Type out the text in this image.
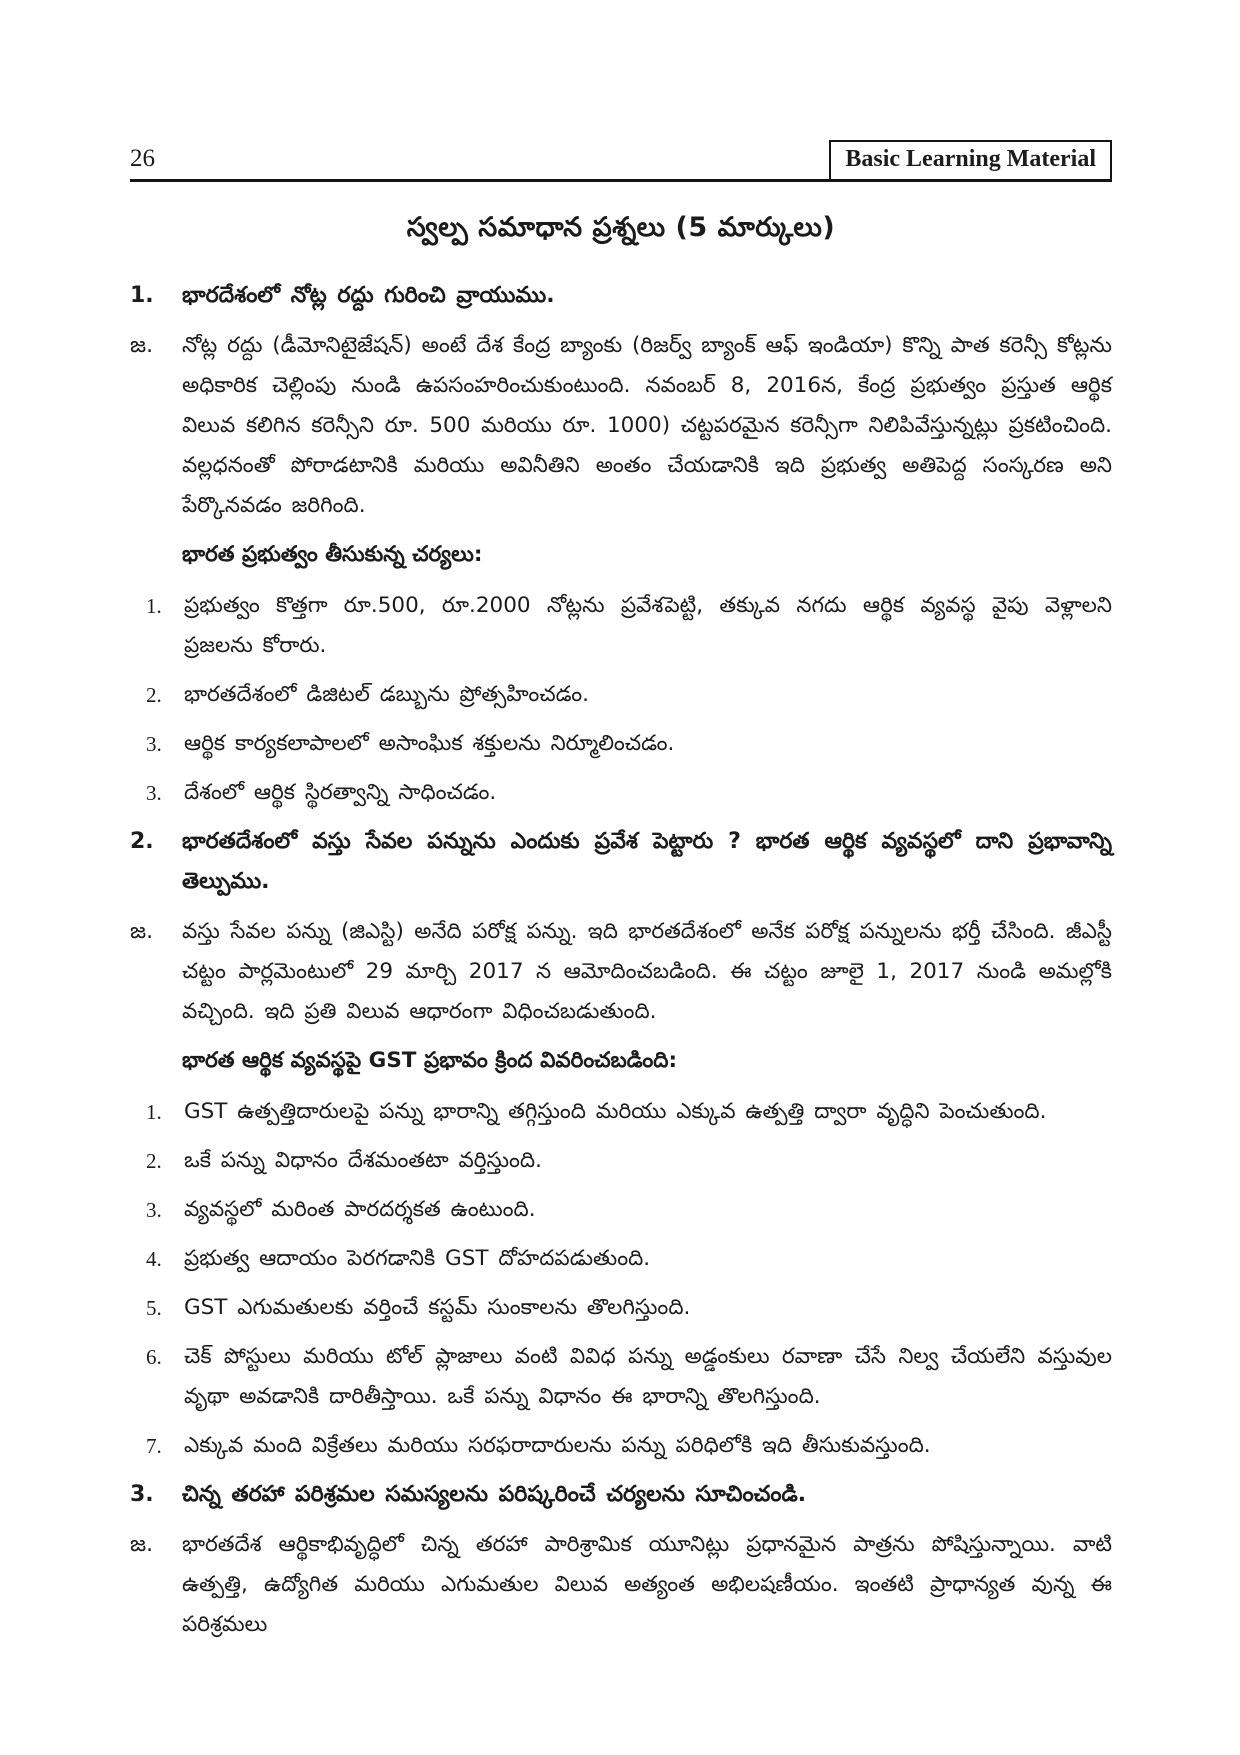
26	Basic Learning Material
స్వల్ప సమాధాన ప్రశ్నలు (5 మార్కులు)
1.	భారదేశంలో నోట్ల రద్దు గురించి వ్రాయుము.
జ.	నోట్ల రద్దు (డీమోనిటైజేషన్) అంటే దేశ కేంద్ర బ్యాంకు (రిజర్వ్ బ్యాంక్ ఆఫ్ ఇండియా) కొన్ని పాత కరెన్సీ కోట్లను అధికారిక చెల్లింపు నుండి ఉపసంహరించుకుంటుంది. నవంబర్ 8, 2016న, కేంద్ర ప్రభుత్వం ప్రస్తుత ఆర్థిక విలువ కలిగిన కరెన్సీని రూ. 500 మరియు రూ. 1000) చట్టపరమైన కరెన్సీగా నిలిపివేస్తున్నట్లు ప్రకటించింది. వల్లధనంతో పోరాడటానికి మరియు అవినీతిని అంతం చేయడానికి ఇది ప్రభుత్వ అతిపెద్ద సంస్కరణ అని పేర్కొనవడం జరిగింది.
భారత ప్రభుత్వం తీసుకున్న చర్యలు:
1.	ప్రభుత్వం కొత్తగా రూ.500, రూ.2000 నోట్లను ప్రవేశపెట్టి, తక్కువ నగదు ఆర్థిక వ్యవస్థ వైపు వెళ్లాలని ప్రజలను కోరారు.
2.	భారతదేశంలో డిజిటల్ డబ్బును ప్రోత్సహించడం.
3.	ఆర్థిక కార్యకలాపాలలో అసాంఘిక శక్తులను నిర్మూలించడం.
3.	దేశంలో ఆర్థిక స్థిరత్వాన్ని సాధించడం.
2.	భారతదేశంలో వస్తు సేవల పన్నును ఎందుకు ప్రవేశ పెట్టారు ? భారత ఆర్థిక వ్యవస్థలో దాని ప్రభావాన్ని తెల్పుము.
జ.	వస్తు సేవల పన్ను (జిఎస్టి) అనేది పరోక్ష పన్ను. ఇది భారతదేశంలో అనేక పరోక్ష పన్నులను భర్తీ చేసింది. జీఎస్టీ చట్టం పార్లమెంటులో 29 మార్చి 2017 న ఆమోదించబడింది. ఈ చట్టం జూలై 1, 2017 నుండి అమల్లోకి వచ్చింది. ఇది ప్రతి విలువ ఆధారంగా విధించబడుతుంది.
భారత ఆర్థిక వ్యవస్థపై GST ప్రభావం క్రింద వివరించబడింది:
1.	GST ఉత్పత్తిదారులపై పన్ను భారాన్ని తగ్గిస్తుంది మరియు ఎక్కువ ఉత్పత్తి ద్వారా వృద్ధిని పెంచుతుంది.
2.	ఒకే పన్ను విధానం దేశమంతటా వర్తిస్తుంది.
3.	వ్యవస్థలో మరింత పారదర్శకత ఉంటుంది.
4.	ప్రభుత్వ ఆదాయం పెరగడానికి GST దోహదపడుతుంది.
5.	GST ఎగుమతులకు వర్తించే కస్టమ్ సుంకాలను తొలగిస్తుంది.
6.	చెక్ పోస్టులు మరియు టోల్ ప్లాజాలు వంటి వివిధ పన్ను అడ్డంకులు రవాణా చేసే నిల్వ చేయలేని వస్తువుల వృథా అవడానికి దారితీస్తాయి. ఒకే పన్ను విధానం ఈ భారాన్ని తొలగిస్తుంది.
7.	ఎక్కువ మంది విక్రేతలు మరియు సరఫరాదారులను పన్ను పరిధిలోకి ఇది తీసుకువస్తుంది.
3.	చిన్న తరహా పరిశ్రమల సమస్యలను పరిష్కరించే చర్యలను సూచించండి.
జ.	భారతదేశ ఆర్థికాభివృద్ధిలో చిన్న తరహా పారిశ్రామిక యూనిట్లు ప్రధానమైన పాత్రను పోషిస్తున్నాయి. వాటి ఉత్పత్తి, ఉద్యోగిత మరియు ఎగుమతుల విలువ అత్యంత అభిలషణీయం. ఇంతటి ప్రాధాన్యత వున్న ఈ పరిశ్రమలు
